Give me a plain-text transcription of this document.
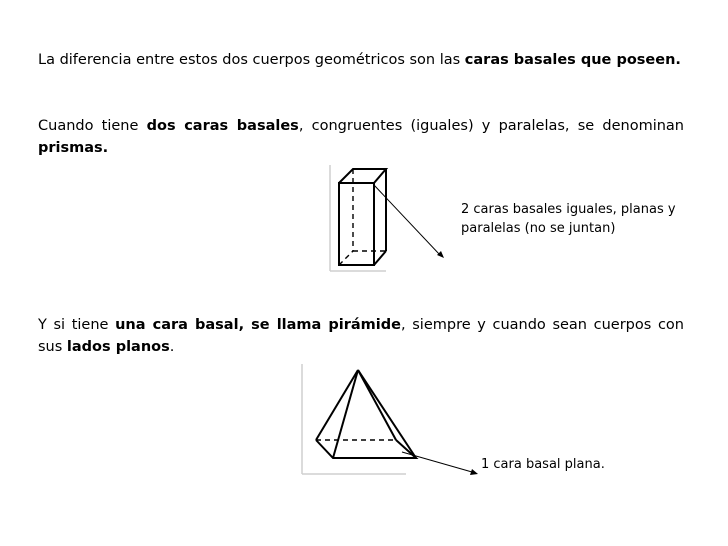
La diferencia entre estos dos cuerpos geométricos son las caras basales que poseen.

Cuando tiene dos caras basales, congruentes (iguales) y paralelas, se denominan prismas.

2 caras basales iguales, planas y
paralelas (no se juntan)

Y si tiene una cara basal, se llama pirámide, siempre y cuando sean cuerpos con sus lados planos.

1 cara basal plana.
